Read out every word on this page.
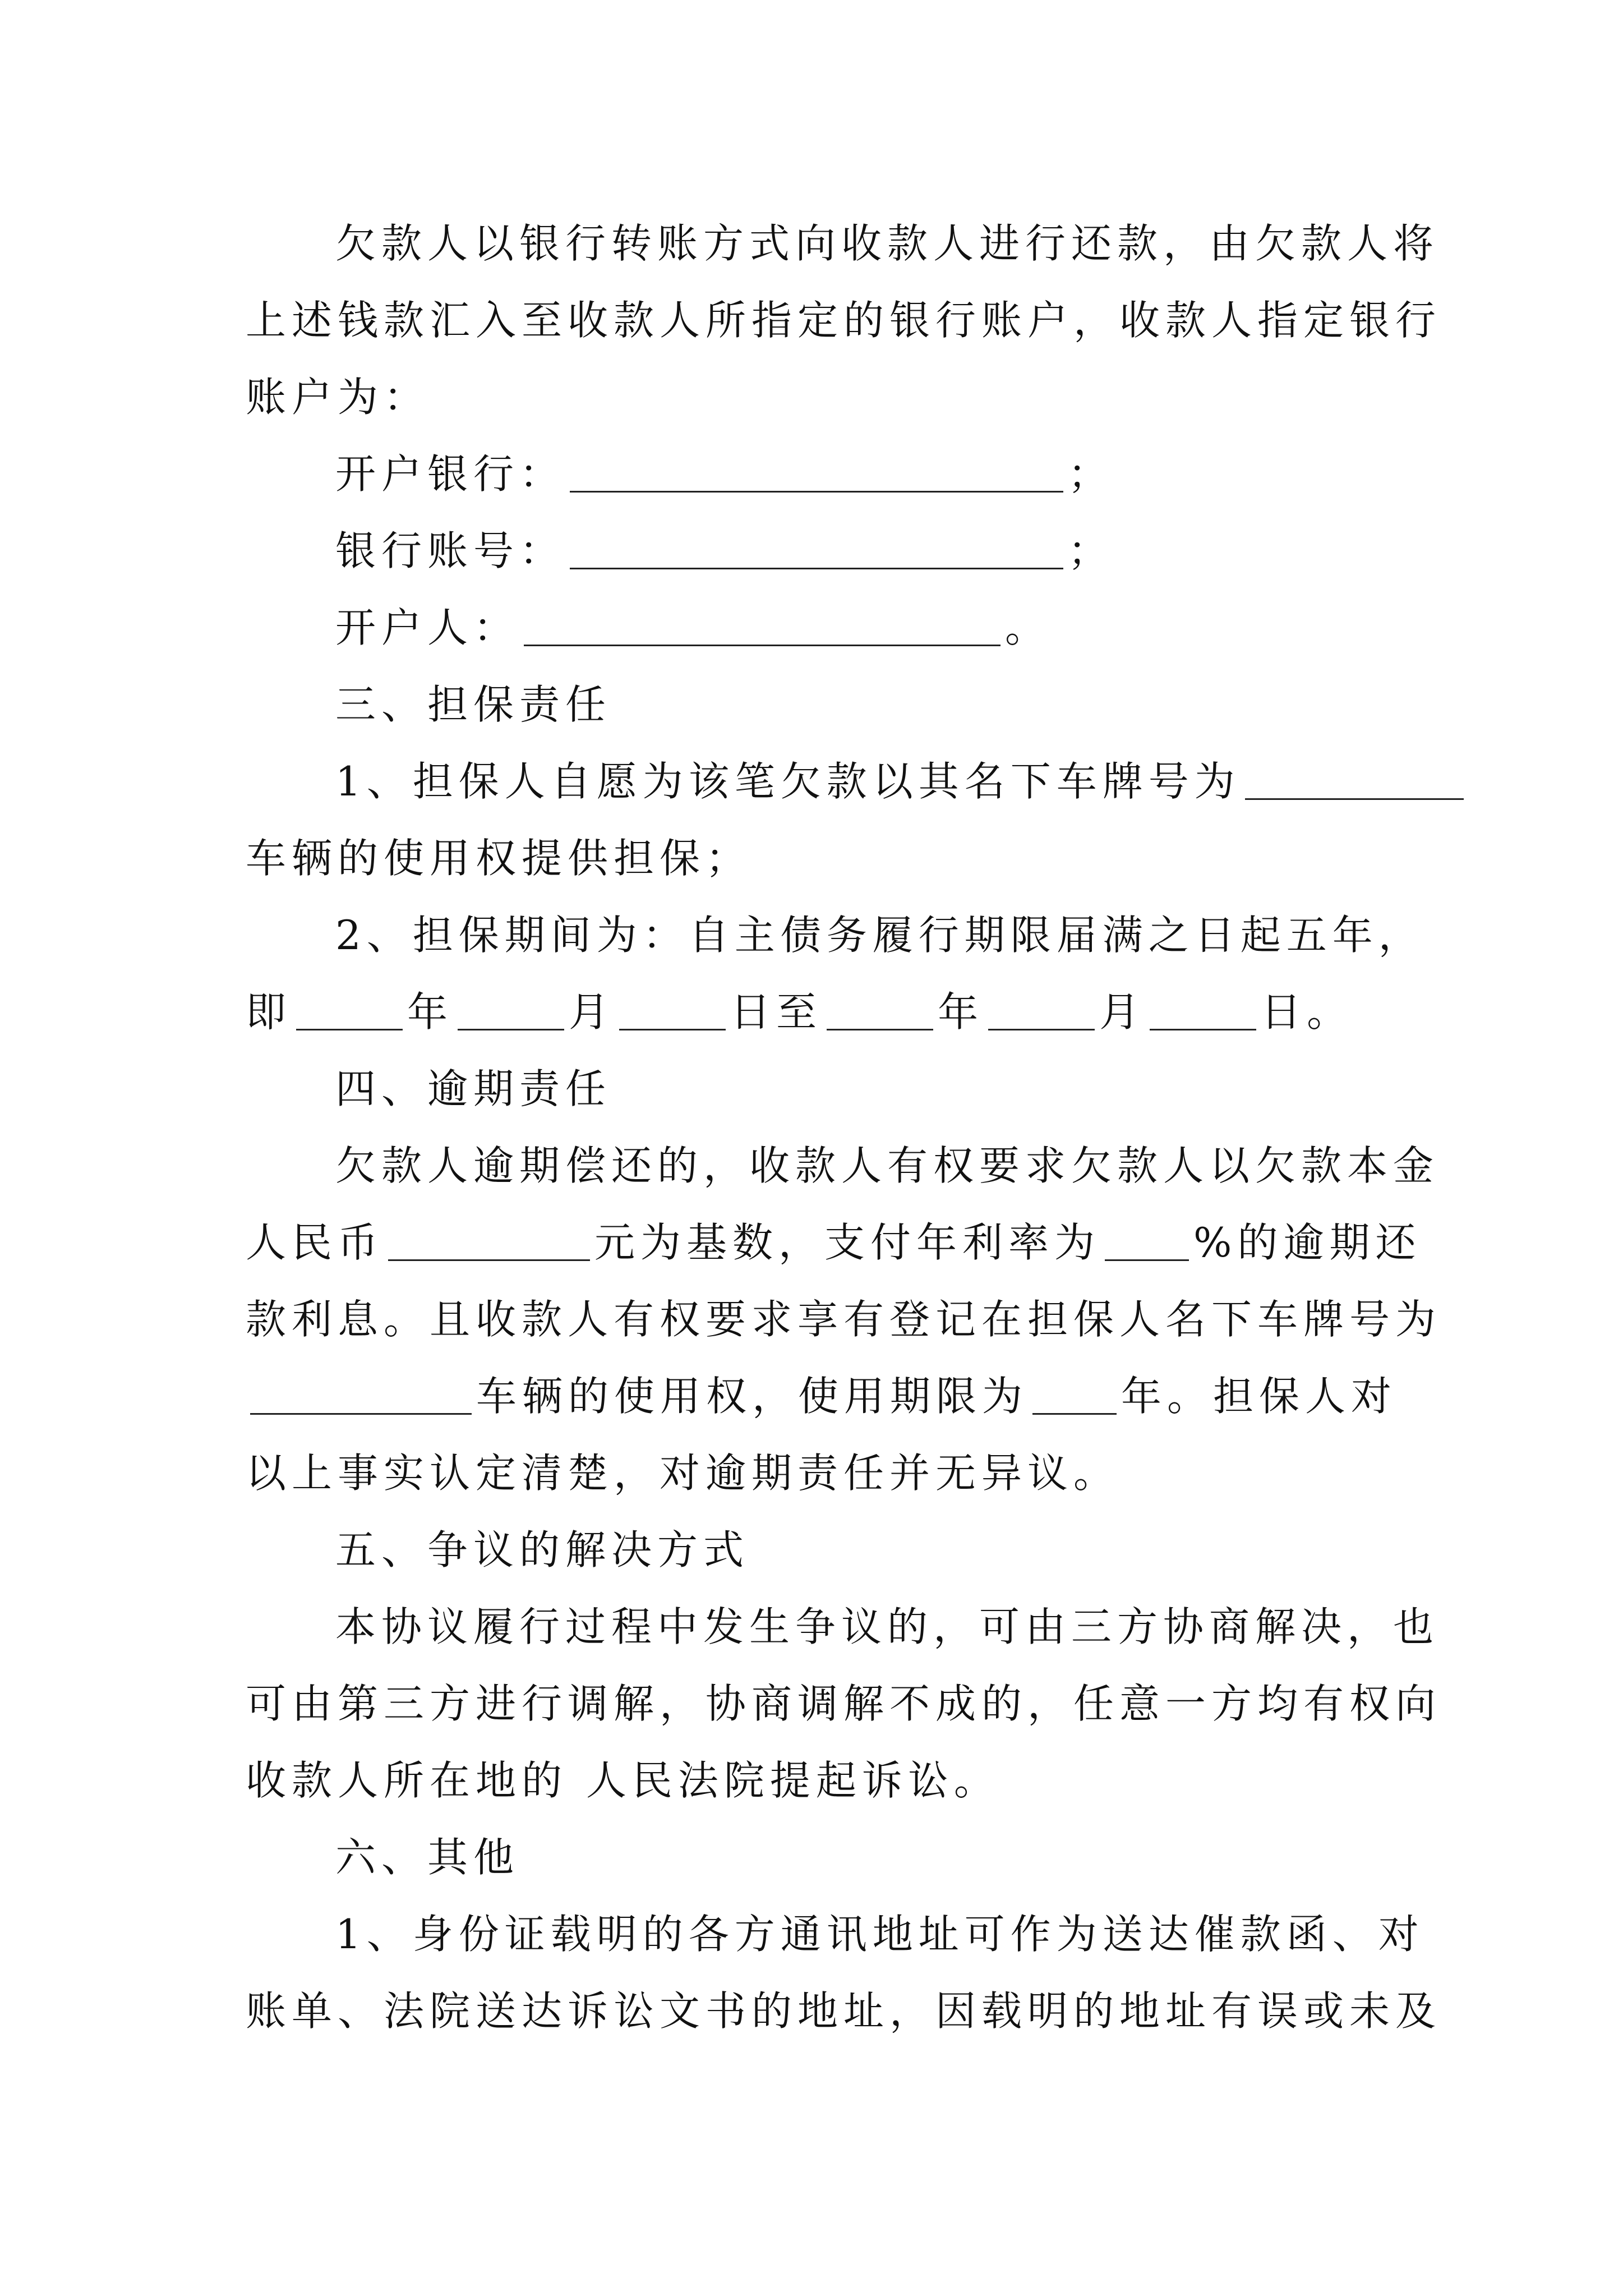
欠款人以银行转账方式向收款人进行还款，由欠款人将
上述钱款汇入至收款人所指定的银行账户，收款人指定银行
账户为：
开户银行：	；
银行账号：	；
开户人：	。
三、担保责任
1、担保人自愿为该笔欠款以其名下车牌号为
车辆的使用权提供担保；
2、担保期间为：自主债务履行期限届满之日起五年，
即	年	月	日至	年	月	日。
四、逾期责任
欠款人逾期偿还的，收款人有权要求欠款人以欠款本金
人民币	元为基数，支付年利率为 %的逾期还
款利息。且收款人有权要求享有登记在担保人名下车牌号为
车辆的使用权，使用期限为 年。担保人对
以上事实认定清楚，对逾期责任并无异议。
五、争议的解决方式
本协议履行过程中发生争议的，可由三方协商解决，也
可由第三方进行调解，协商调解不成的，任意一方均有权向
收款人所在地的 人民法院提起诉讼。
六、其他
1、身份证载明的各方通讯地址可作为送达催款函、对
账单、法院送达诉讼文书的地址，因载明的地址有误或未及
